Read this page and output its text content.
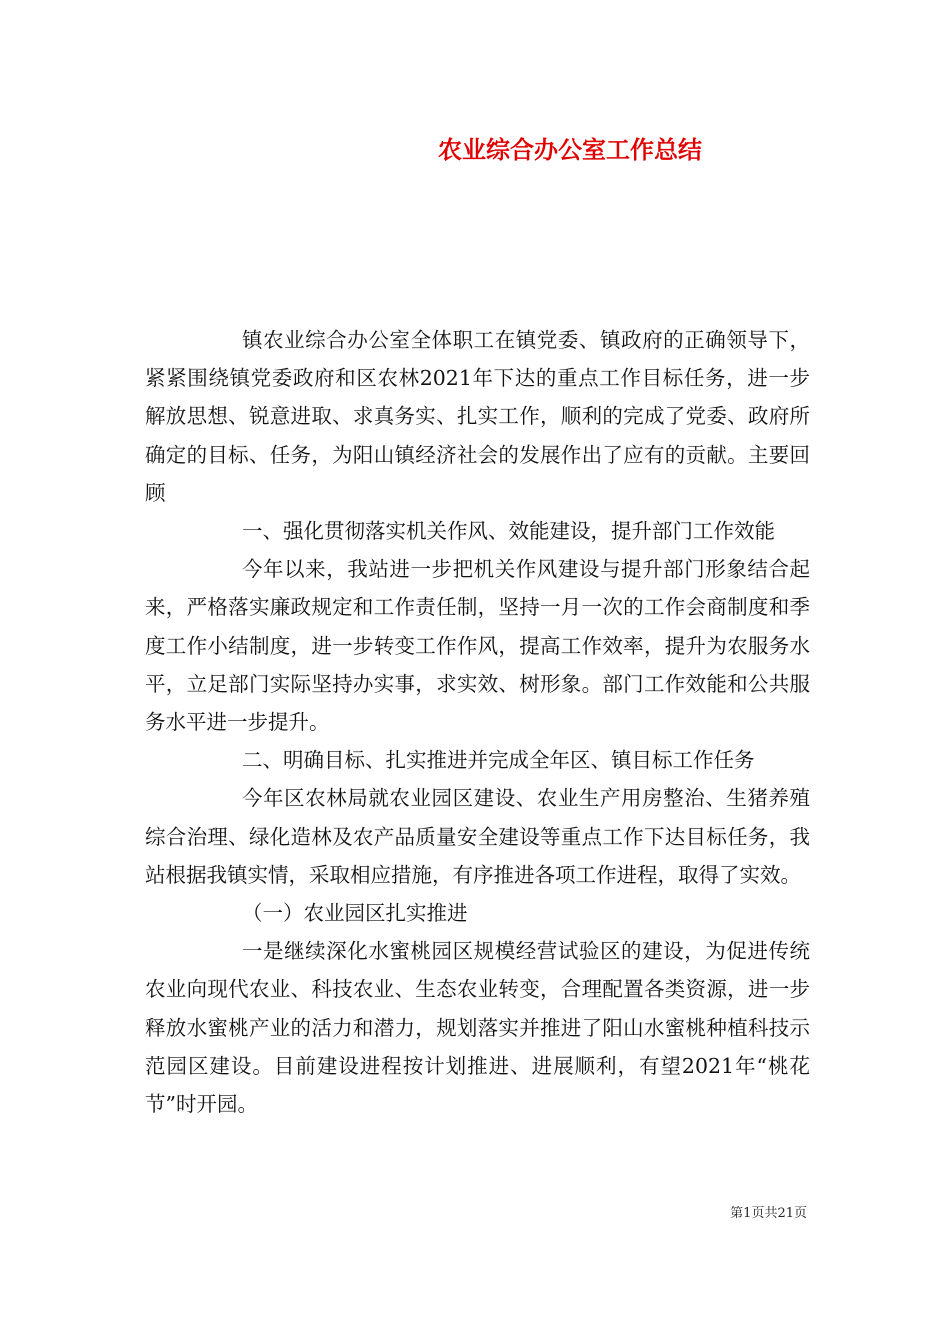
农业综合办公室工作总结

镇农业综合办公室全体职工在镇党委、镇政府的正确领导下，紧紧围绕镇党委政府和区农林2021年下达的重点工作目标任务，进一步解放思想、锐意进取、求真务实、扎实工作，顺利的完成了党委、政府所确定的目标、任务，为阳山镇经济社会的发展作出了应有的贡献。主要回顾

一、强化贯彻落实机关作风、效能建设，提升部门工作效能

今年以来，我站进一步把机关作风建设与提升部门形象结合起来，严格落实廉政规定和工作责任制，坚持一月一次的工作会商制度和季度工作小结制度，进一步转变工作作风，提高工作效率，提升为农服务水平，立足部门实际坚持办实事，求实效、树形象。部门工作效能和公共服务水平进一步提升。

二、明确目标、扎实推进并完成全年区、镇目标工作任务

今年区农林局就农业园区建设、农业生产用房整治、生猪养殖综合治理、绿化造林及农产品质量安全建设等重点工作下达目标任务，我站根据我镇实情，采取相应措施，有序推进各项工作进程，取得了实效。

（一）农业园区扎实推进

一是继续深化水蜜桃园区规模经营试验区的建设，为促进传统农业向现代农业、科技农业、生态农业转变，合理配置各类资源，进一步释放水蜜桃产业的活力和潜力，规划落实并推进了阳山水蜜桃种植科技示范园区建设。目前建设进程按计划推进、进展顺利，有望2021年“桃花节”时开园。

第1页共21页
